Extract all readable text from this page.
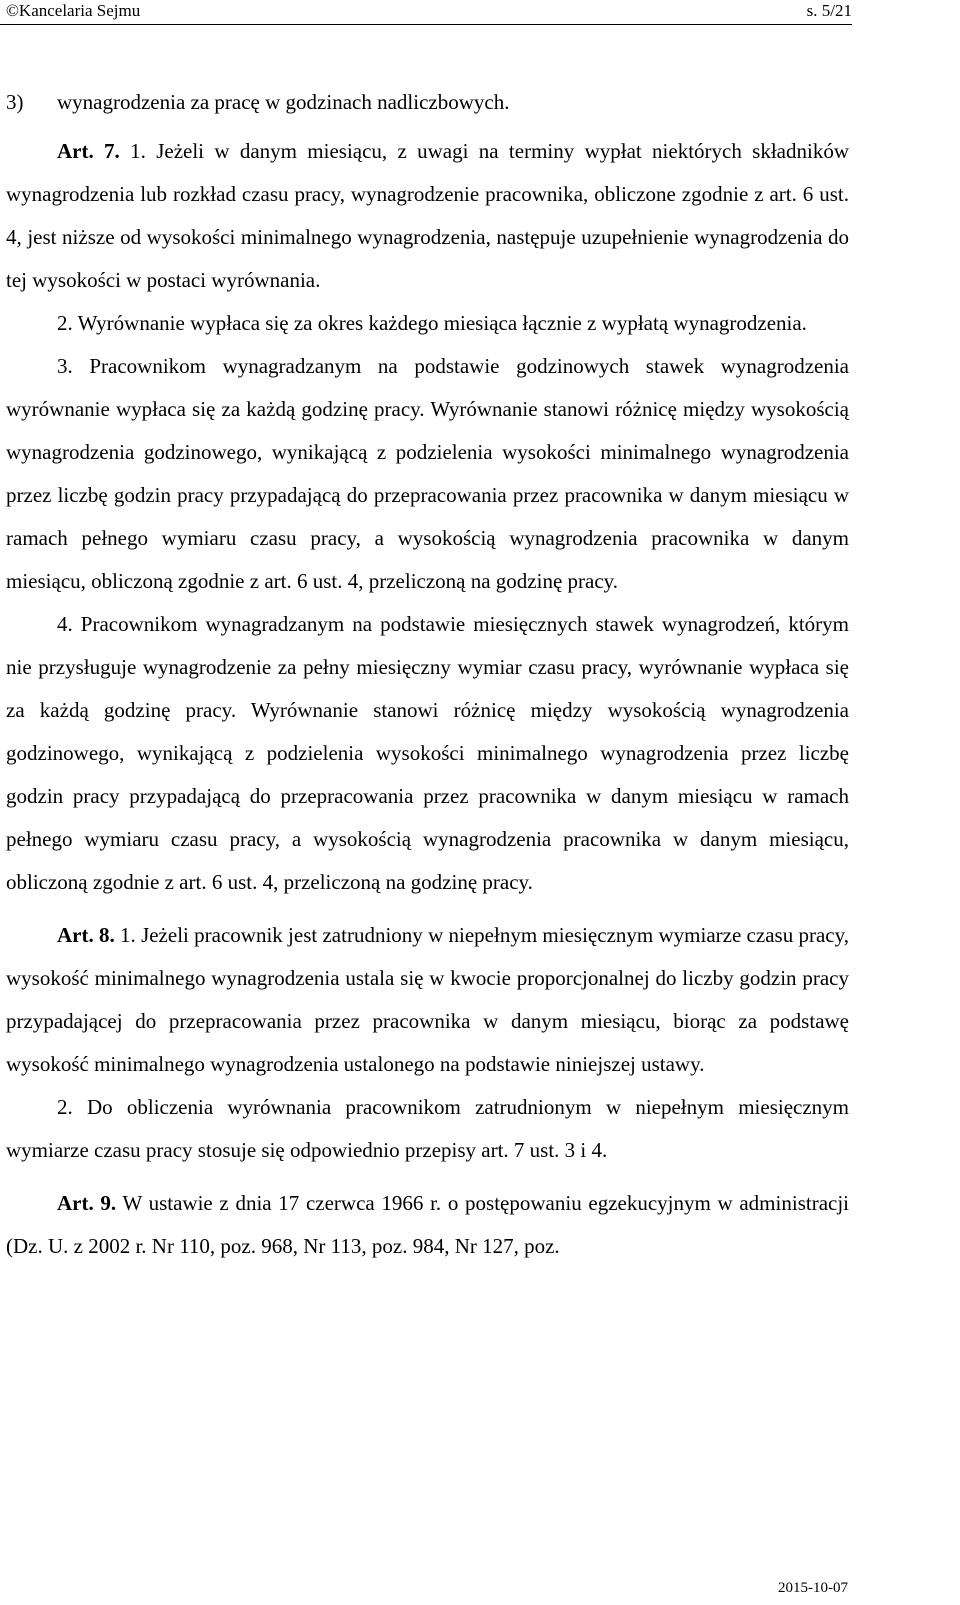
©Kancelaria Sejmu	s. 5/21

3) wynagrodzenia za pracę w godzinach nadliczbowych.

Art. 7. 1. Jeżeli w danym miesiącu, z uwagi na terminy wypłat niektórych składników wynagrodzenia lub rozkład czasu pracy, wynagrodzenie pracownika, obliczone zgodnie z art. 6 ust. 4, jest niższe od wysokości minimalnego wynagrodzenia, następuje uzupełnienie wynagrodzenia do tej wysokości w postaci wyrównania.

2. Wyrównanie wypłaca się za okres każdego miesiąca łącznie z wypłatą wynagrodzenia.

3. Pracownikom wynagradzanym na podstawie godzinowych stawek wynagrodzenia wyrównanie wypłaca się za każdą godzinę pracy. Wyrównanie stanowi różnicę między wysokością wynagrodzenia godzinowego, wynikającą z podzielenia wysokości minimalnego wynagrodzenia przez liczbę godzin pracy przypadającą do przepracowania przez pracownika w danym miesiącu w ramach pełnego wymiaru czasu pracy, a wysokością wynagrodzenia pracownika w danym miesiącu, obliczoną zgodnie z art. 6 ust. 4, przeliczoną na godzinę pracy.

4. Pracownikom wynagradzanym na podstawie miesięcznych stawek wynagrodzeń, którym nie przysługuje wynagrodzenie za pełny miesięczny wymiar czasu pracy, wyrównanie wypłaca się za każdą godzinę pracy. Wyrównanie stanowi różnicę między wysokością wynagrodzenia godzinowego, wynikającą z podzielenia wysokości minimalnego wynagrodzenia przez liczbę godzin pracy przypadającą do przepracowania przez pracownika w danym miesiącu w ramach pełnego wymiaru czasu pracy, a wysokością wynagrodzenia pracownika w danym miesiącu, obliczoną zgodnie z art. 6 ust. 4, przeliczoną na godzinę pracy.

Art. 8. 1. Jeżeli pracownik jest zatrudniony w niepełnym miesięcznym wymiarze czasu pracy, wysokość minimalnego wynagrodzenia ustala się w kwocie proporcjonalnej do liczby godzin pracy przypadającej do przepracowania przez pracownika w danym miesiącu, biorąc za podstawę wysokość minimalnego wynagrodzenia ustalonego na podstawie niniejszej ustawy.

2. Do obliczenia wyrównania pracownikom zatrudnionym w niepełnym miesięcznym wymiarze czasu pracy stosuje się odpowiednio przepisy art. 7 ust. 3 i 4.

Art. 9. W ustawie z dnia 17 czerwca 1966 r. o postępowaniu egzekucyjnym w administracji (Dz. U. z 2002 r. Nr 110, poz. 968, Nr 113, poz. 984, Nr 127, poz.

2015-10-07
